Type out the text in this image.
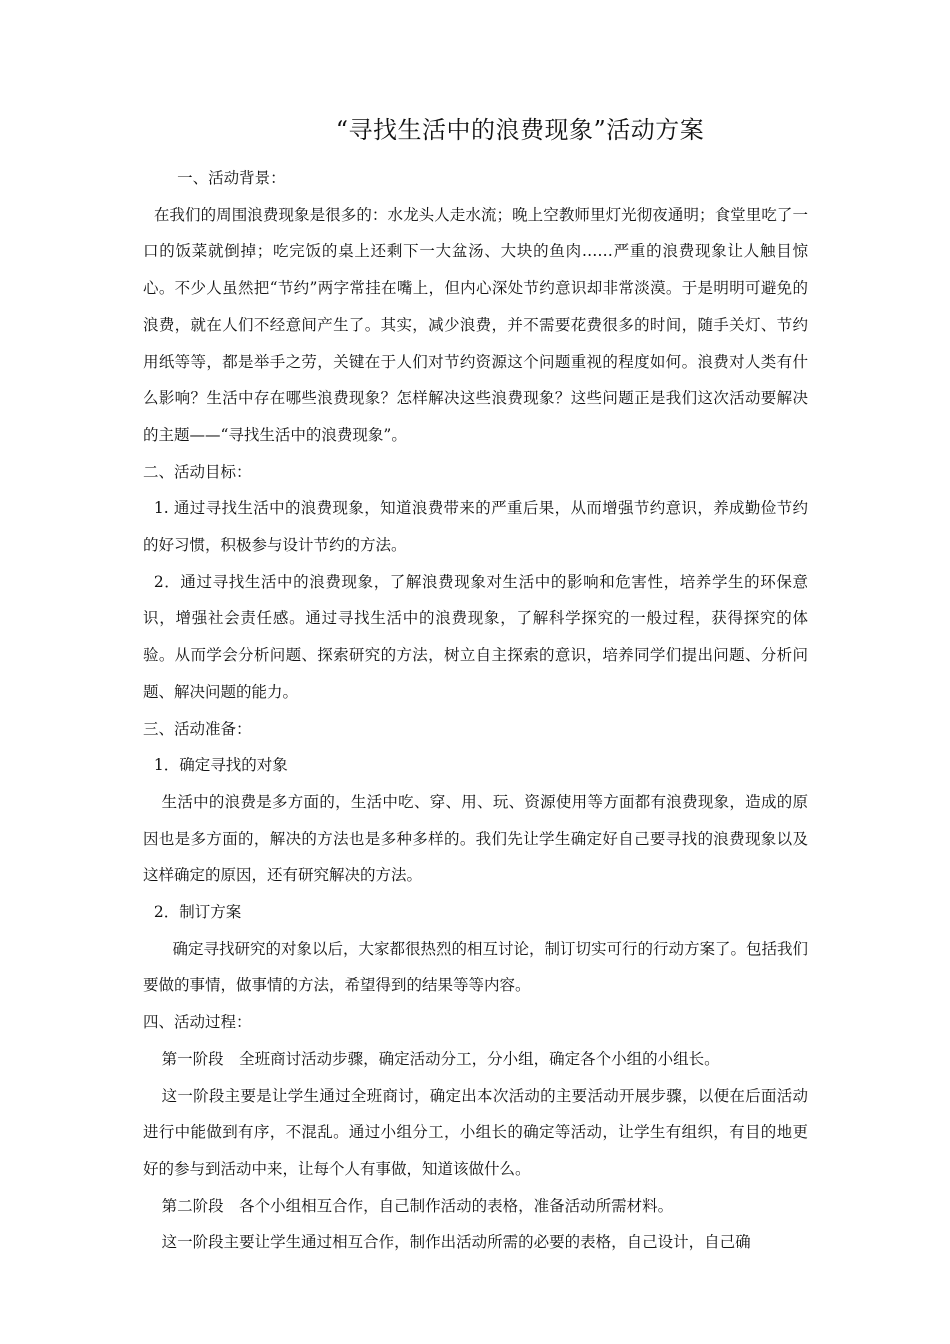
“寻找生活中的浪费现象”活动方案

一、活动背景：

在我们的周围浪费现象是很多的：水龙头人走水流；晚上空教师里灯光彻夜通明；食堂里吃了一口的饭菜就倒掉；吃完饭的桌上还剩下一大盆汤、大块的鱼肉……严重的浪费现象让人触目惊心。不少人虽然把“节约”两字常挂在嘴上，但内心深处节约意识却非常淡漠。于是明明可避免的浪费，就在人们不经意间产生了。其实，减少浪费，并不需要花费很多的时间，随手关灯、节约用纸等等，都是举手之劳，关键在于人们对节约资源这个问题重视的程度如何。浪费对人类有什么影响？生活中存在哪些浪费现象？怎样解决这些浪费现象？这些问题正是我们这次活动要解决的主题——“寻找生活中的浪费现象”。

二、活动目标：

1. 通过寻找生活中的浪费现象，知道浪费带来的严重后果，从而增强节约意识，养成勤俭节约的好习惯，积极参与设计节约的方法。

2．通过寻找生活中的浪费现象，了解浪费现象对生活中的影响和危害性，培养学生的环保意识，增强社会责任感。通过寻找生活中的浪费现象，了解科学探究的一般过程，获得探究的体验。从而学会分析问题、探索研究的方法，树立自主探索的意识，培养同学们提出问题、分析问题、解决问题的能力。

三、活动准备：

1．确定寻找的对象

生活中的浪费是多方面的，生活中吃、穿、用、玩、资源使用等方面都有浪费现象，造成的原因也是多方面的，解决的方法也是多种多样的。我们先让学生确定好自己要寻找的浪费现象以及这样确定的原因，还有研究解决的方法。

2．制订方案

确定寻找研究的对象以后，大家都很热烈的相互讨论，制订切实可行的行动方案了。包括我们要做的事情，做事情的方法，希望得到的结果等等内容。

四、活动过程：

第一阶段　全班商讨活动步骤，确定活动分工，分小组，确定各个小组的小组长。

这一阶段主要是让学生通过全班商讨，确定出本次活动的主要活动开展步骤，以便在后面活动进行中能做到有序，不混乱。通过小组分工，小组长的确定等活动，让学生有组织，有目的地更好的参与到活动中来，让每个人有事做，知道该做什么。

第二阶段　各个小组相互合作，自己制作活动的表格，准备活动所需材料。

这一阶段主要让学生通过相互合作，制作出活动所需的必要的表格，自己设计，自己确
